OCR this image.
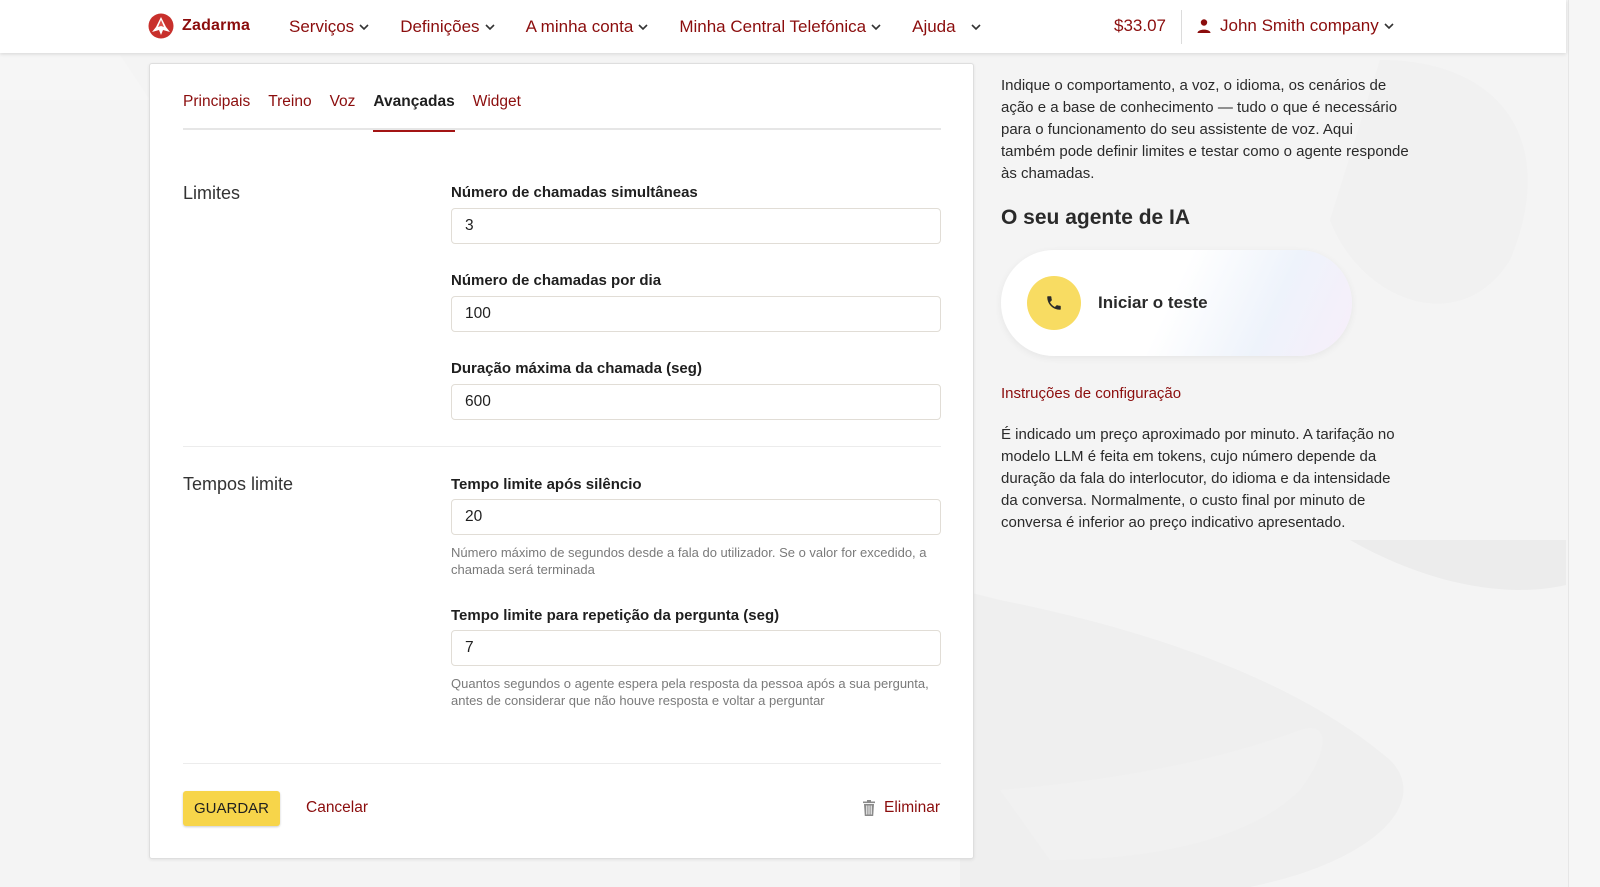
Zadarma Serviços	Definições	A minha conta	Minha Central Telefónica	Ajuda	$33.07	John Smith company
Principais Treino Voz Avançadas Widget
Limites	Número de chamadas simultâneas
3
Número de chamadas por dia
100
Duração máxima da chamada (seg)
600
Tempos limite	Tempo limite após silêncio
20
Número máximo de segundos desde a fala do utilizador. Se o valor for excedido, a chamada será terminada
Tempo limite para repetição da pergunta (seg)
7
Quantos segundos o agente espera pela resposta da pessoa após a sua pergunta, antes de considerar que não houve resposta e voltar a perguntar
GUARDAR	Cancelar	Eliminar

Indique o comportamento, a voz, o idioma, os cenários de ação e a base de conhecimento — tudo o que é necessário para o funcionamento do seu assistente de voz. Aqui também pode definir limites e testar como o agente responde às chamadas.

O seu agente de IA
Iniciar o teste
Instruções de configuração

É indicado um preço aproximado por minuto. A tarifação no modelo LLM é feita em tokens, cujo número depende da duração da fala do interlocutor, do idioma e da intensidade da conversa. Normalmente, o custo final por minuto de conversa é inferior ao preço indicativo apresentado.
